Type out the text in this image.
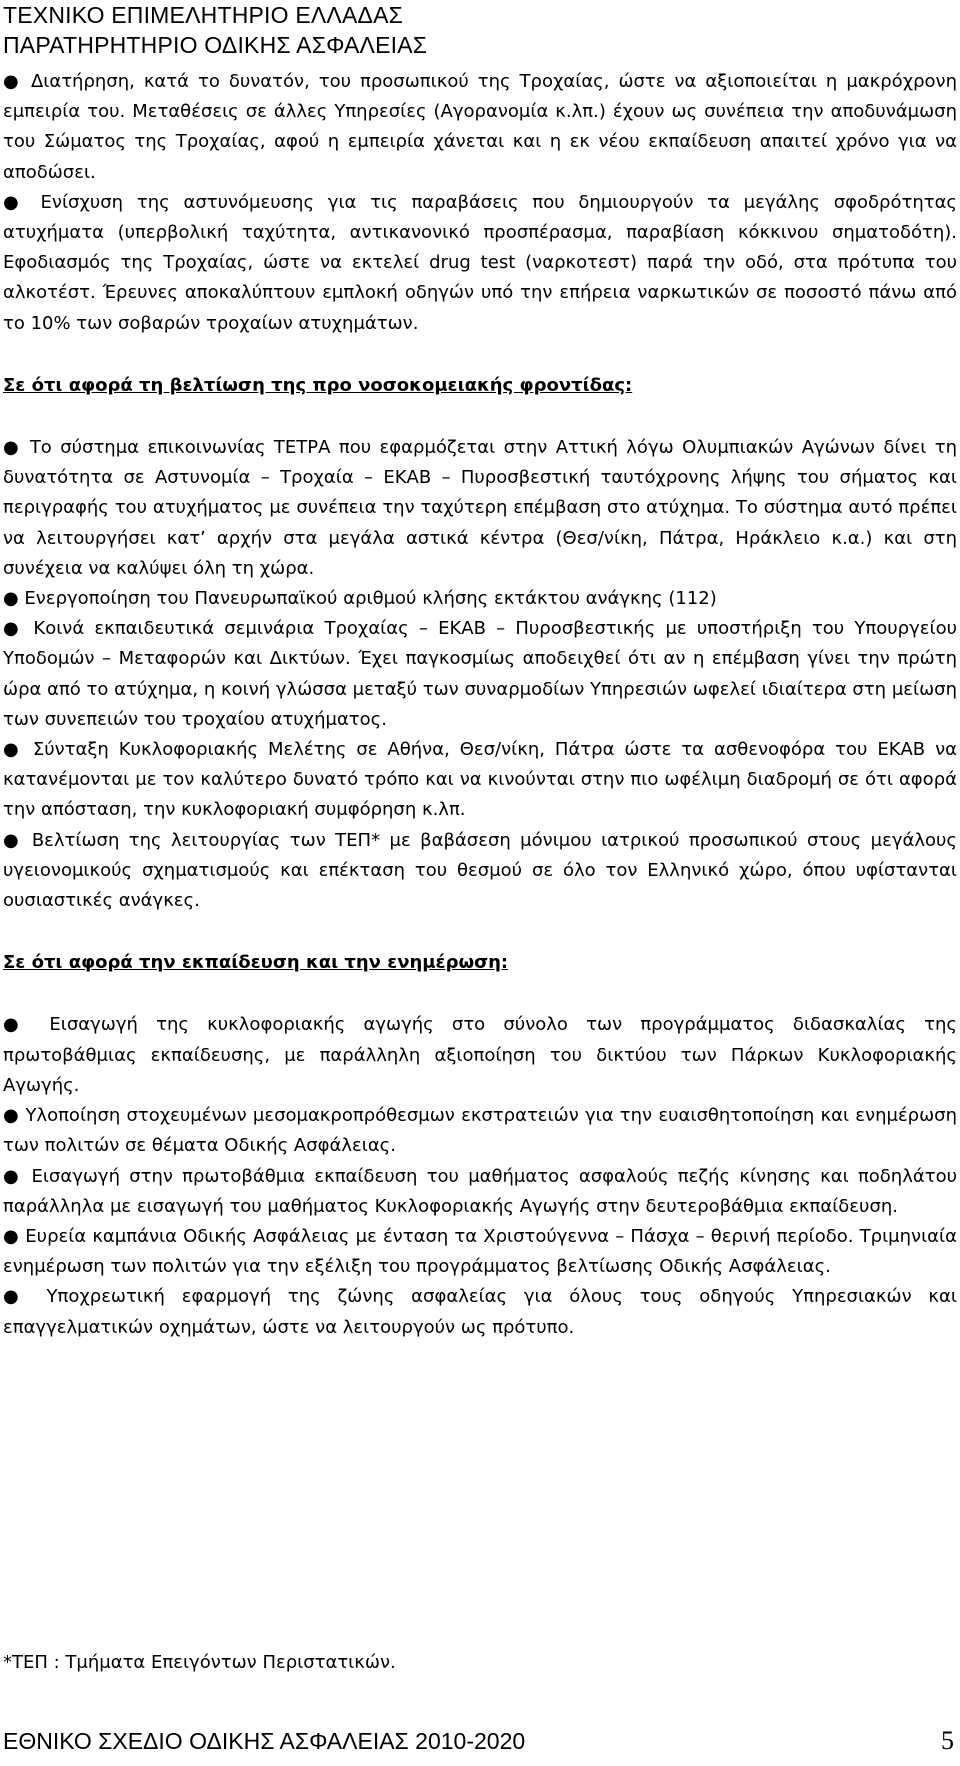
ΤΕΧΝΙΚΟ ΕΠΙΜΕΛΗΤΗΡΙΟ ΕΛΛΑΔΑΣ
ΠΑΡΑΤΗΡΗΤΗΡΙΟ ΟΔΙΚΗΣ ΑΣΦΑΛΕΙΑΣ

● Διατήρηση, κατά το δυνατόν, του προσωπικού της Τροχαίας, ώστε να αξιοποιείται η μακρόχρονη εμπειρία του. Μεταθέσεις σε άλλες Υπηρεσίες (Αγορανομία κ.λπ.) έχουν ως συνέπεια την αποδυνάμωση του Σώματος της Τροχαίας, αφού η εμπειρία χάνεται και η εκ νέου εκπαίδευση απαιτεί χρόνο για να αποδώσει.

● Ενίσχυση της αστυνόμευσης για τις παραβάσεις που δημιουργούν τα μεγάλης σφοδρότητας ατυχήματα (υπερβολική ταχύτητα, αντικανονικό προσπέρασμα, παραβίαση κόκκινου σηματοδότη). Εφοδιασμός της Τροχαίας, ώστε να εκτελεί drug test (ναρκοτεστ) παρά την οδό, στα πρότυπα του αλκοτέστ. Έρευνες αποκαλύπτουν εμπλοκή οδηγών υπό την επήρεια ναρκωτικών σε ποσοστό πάνω από το 10% των σοβαρών τροχαίων ατυχημάτων.

Σε ότι αφορά τη βελτίωση της προ νοσοκομειακής φροντίδας:

● Το σύστημα επικοινωνίας ΤΕΤΡΑ που εφαρμόζεται στην Αττική λόγω Ολυμπιακών Αγώνων δίνει τη δυνατότητα σε Αστυνομία – Τροχαία – ΕΚΑΒ – Πυροσβεστική ταυτόχρονης λήψης του σήματος και περιγραφής του ατυχήματος με συνέπεια την ταχύτερη επέμβαση στο ατύχημα. Το σύστημα αυτό πρέπει να λειτουργήσει κατ’ αρχήν στα μεγάλα αστικά κέντρα (Θεσ/νίκη, Πάτρα, Ηράκλειο κ.α.) και στη συνέχεια να καλύψει όλη τη χώρα.

● Ενεργοποίηση του Πανευρωπαϊκού αριθμού κλήσης εκτάκτου ανάγκης (112)

● Κοινά εκπαιδευτικά σεμινάρια Τροχαίας – ΕΚΑΒ – Πυροσβεστικής με υποστήριξη του Υπουργείου Υποδομών – Μεταφορών και Δικτύων. Έχει παγκοσμίως αποδειχθεί ότι αν η επέμβαση γίνει την πρώτη ώρα από το ατύχημα, η κοινή γλώσσα μεταξύ των συναρμοδίων Υπηρεσιών ωφελεί ιδιαίτερα στη μείωση των συνεπειών του τροχαίου ατυχήματος.

● Σύνταξη Κυκλοφοριακής Μελέτης σε Αθήνα, Θεσ/νίκη, Πάτρα ώστε τα ασθενοφόρα του ΕΚΑΒ να κατανέμονται με τον καλύτερο δυνατό τρόπο και να κινούνται στην πιο ωφέλιμη διαδρομή σε ότι αφορά την απόσταση, την κυκλοφοριακή συμφόρηση κ.λπ.

● Βελτίωση της λειτουργίας των ΤΕΠ* με βαβάσεση μόνιμου ιατρικού προσωπικού στους μεγάλους υγειονομικούς σχηματισμούς και επέκταση του θεσμού σε όλο τον Ελληνικό χώρο, όπου υφίστανται ουσιαστικές ανάγκες.

Σε ότι αφορά την εκπαίδευση και την ενημέρωση:

● Εισαγωγή της κυκλοφοριακής αγωγής στο σύνολο των προγράμματος διδασκαλίας της πρωτοβάθμιας εκπαίδευσης, με παράλληλη αξιοποίηση του δικτύου των Πάρκων Κυκλοφοριακής Αγωγής.

● Υλοποίηση στοχευμένων μεσομακροπρόθεσμων εκστρατειών για την ευαισθητοποίηση και ενημέρωση των πολιτών σε θέματα Οδικής Ασφάλειας.

● Εισαγωγή στην πρωτοβάθμια εκπαίδευση του μαθήματος ασφαλούς πεζής κίνησης και ποδηλάτου παράλληλα με εισαγωγή του μαθήματος Κυκλοφοριακής Αγωγής στην δευτεροβάθμια εκπαίδευση.

● Ευρεία καμπάνια Οδικής Ασφάλειας με ένταση τα Χριστούγεννα – Πάσχα – θερινή περίοδο. Τριμηνιαία ενημέρωση των πολιτών για την εξέλιξη του προγράμματος βελτίωσης Οδικής Ασφάλειας.

● Υποχρεωτική εφαρμογή της ζώνης ασφαλείας για όλους τους οδηγούς Υπηρεσιακών και επαγγελματικών οχημάτων, ώστε να λειτουργούν ως πρότυπο.

*ΤΕΠ : Τμήματα Επειγόντων Περιστατικών.
ΕΘΝΙΚΟ ΣΧΕΔΙΟ ΟΔΙΚΗΣ ΑΣΦΑΛΕΙΑΣ 2010-2020	5
